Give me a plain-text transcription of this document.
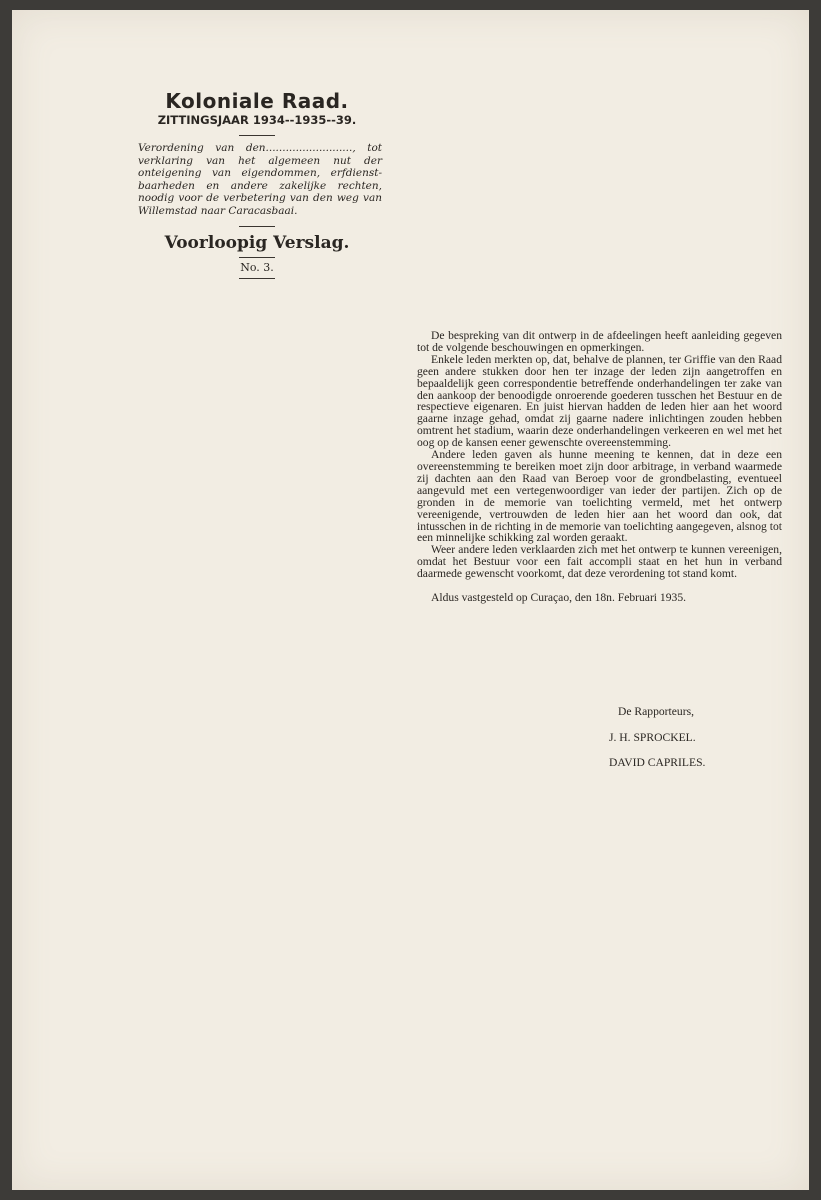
Koloniale Raad.
ZITTINGSJAAR 1934--1935--39.
Verordening van den.........................., tot verklaring van het algemeen nut der onteigening van eigendommen, erfdienst-baarheden en andere zakelijke rechten, noodig voor de verbetering van den weg van Willemstad naar Caracasbaai.
Voorloopig Verslag.
No. 3.

De bespreking van dit ontwerp in de afdeelingen heeft aanleiding gegeven tot de volgende beschouwingen en opmerkingen.

Enkele leden merkten op, dat, behalve de plannen, ter Griffie van den Raad geen andere stukken door hen ter inzage der leden zijn aangetroffen en bepaaldelijk geen correspondentie betreffende onderhandelingen ter zake van den aankoop der benoodigde onroerende goederen tusschen het Bestuur en de respectieve eigenaren. En juist hiervan hadden de leden hier aan het woord gaarne inzage gehad, omdat zij gaarne nadere inlichtingen zouden hebben omtrent het stadium, waarin deze onderhandelingen verkeeren en wel met het oog op de kansen eener gewenschte overeenstemming.

Andere leden gaven als hunne meening te kennen, dat in deze een overeenstemming te bereiken moet zijn door arbitrage, in verband waarmede zij dachten aan den Raad van Beroep voor de grondbelasting, eventueel aangevuld met een vertegenwoordiger van ieder der partijen. Zich op de gronden in de memorie van toelichting vermeld, met het ontwerp vereenigende, vertrouwden de leden hier aan het woord dan ook, dat intusschen in de richting in de memorie van toelichting aangegeven, alsnog tot een minnelijke schikking zal worden geraakt.

Weer andere leden verklaarden zich met het ontwerp te kunnen vereenigen, omdat het Bestuur voor een fait accompli staat en het hun in verband daarmede gewenscht voorkomt, dat deze verordening tot stand komt.

Aldus vastgesteld op Curaçao, den 18n. Februari 1935.

De Rapporteurs,
J. H. SPROCKEL.
DAVID CAPRILES.
